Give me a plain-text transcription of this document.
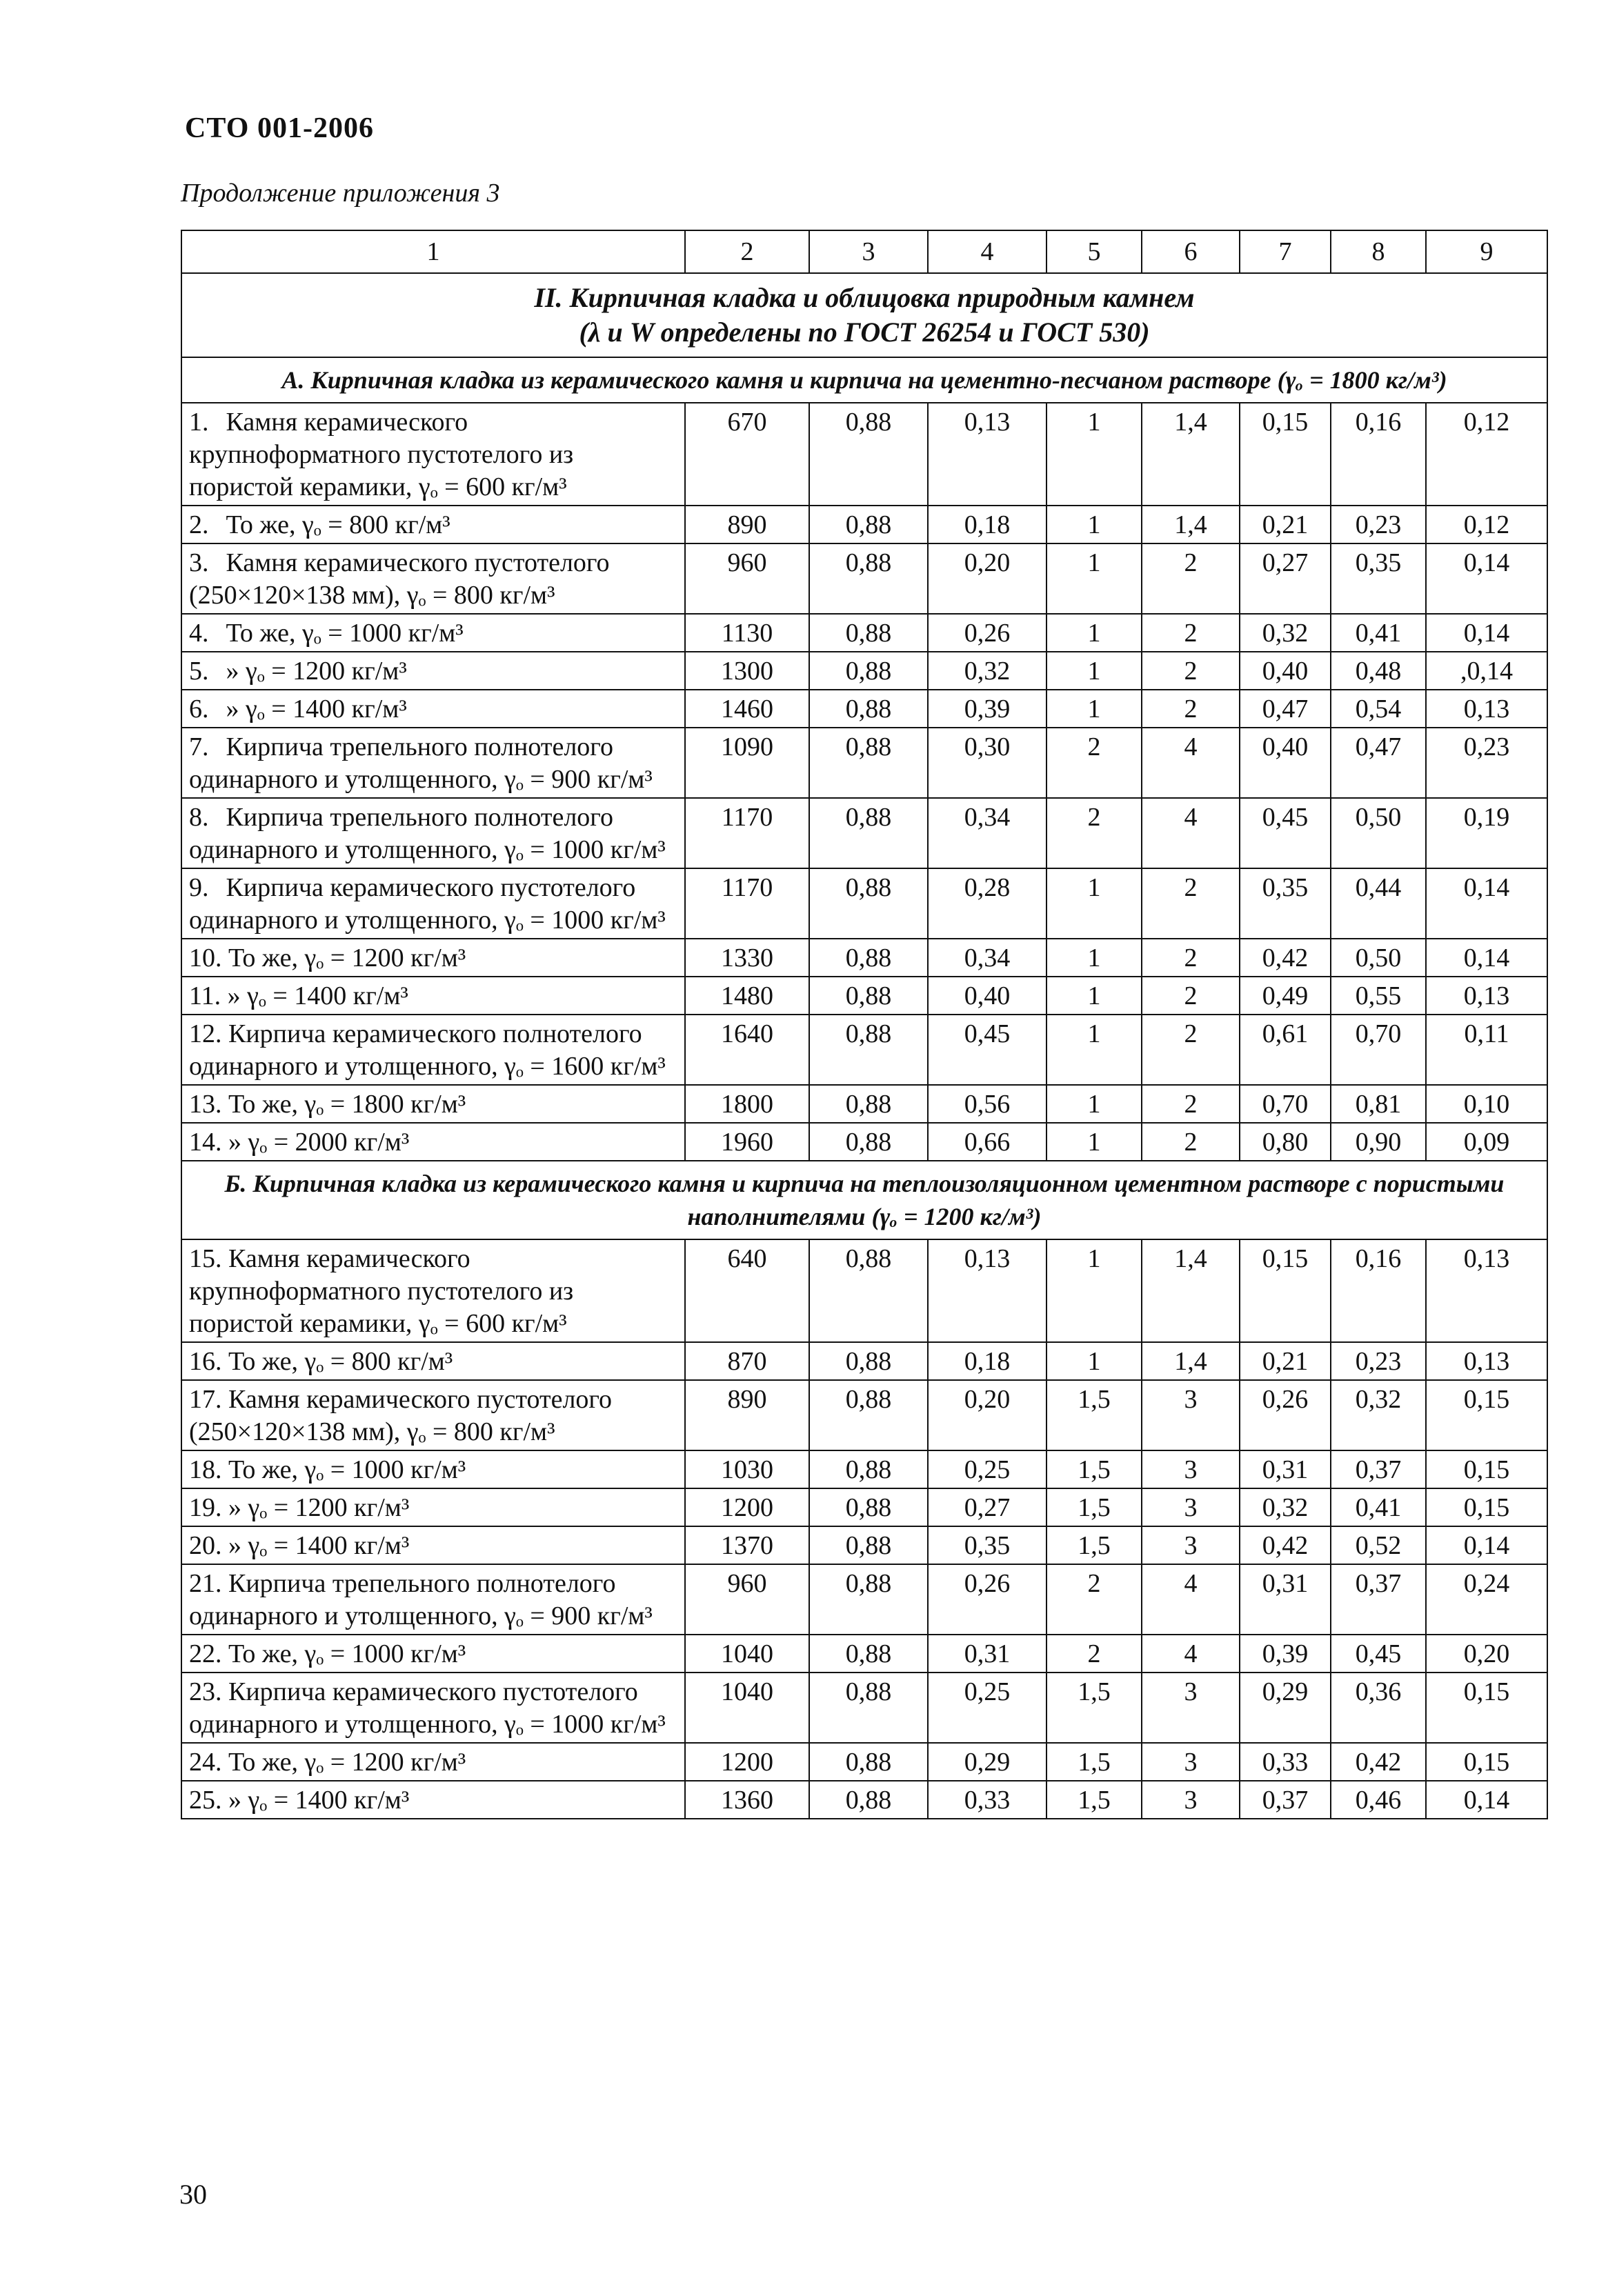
СТО 001-2006
Продолжение приложения 3
1	2	3	4	5	6	7	8	9

II. Кирпичная кладка и облицовка природным камнем
(λ и W определены по ГОСТ 26254 и ГОСТ 530)								

А. Кирпичная кладка из керамического камня и кирпича на цементно-песчаном растворе (γₒ = 1800 кг/м³)								
1. Камня керамического крупноформатного пустотелого из пористой керамики, γₒ = 600 кг/м³	670	0,88	0,13	1	1,4	0,15	0,16	0,12
2. То же, γₒ = 800 кг/м³	890	0,88	0,18	1	1,4	0,21	0,23	0,12
3. Камня керамического пустотелого (250×120×138 мм), γₒ = 800 кг/м³	960	0,88	0,20	1	2	0,27	0,35	0,14
4. То же, γₒ = 1000 кг/м³	1130	0,88	0,26	1	2	0,32	0,41	0,14
5. » γₒ = 1200 кг/м³	1300	0,88	0,32	1	2	0,40	0,48	,0,14
6. » γₒ = 1400 кг/м³	1460	0,88	0,39	1	2	0,47	0,54	0,13
7. Кирпича трепельного полнотелого одинарного и утолщенного, γₒ = 900 кг/м³	1090	0,88	0,30	2	4	0,40	0,47	0,23
8. Кирпича трепельного полнотелого одинарного и утолщенного, γₒ = 1000 кг/м³	1170	0,88	0,34	2	4	0,45	0,50	0,19
9. Кирпича керамического пустотелого одинарного и утолщенного, γₒ = 1000 кг/м³	1170	0,88	0,28	1	2	0,35	0,44	0,14
10. То же, γₒ = 1200 кг/м³	1330	0,88	0,34	1	2	0,42	0,50	0,14
11. » γₒ = 1400 кг/м³	1480	0,88	0,40	1	2	0,49	0,55	0,13
12. Кирпича керамического полнотелого одинарного и утолщенного, γₒ = 1600 кг/м³	1640	0,88	0,45	1	2	0,61	0,70	0,11
13. То же, γₒ = 1800 кг/м³	1800	0,88	0,56	1	2	0,70	0,81	0,10
14. » γₒ = 2000 кг/м³	1960	0,88	0,66	1	2	0,80	0,90	0,09
Б. Кирпичная кладка из керамического камня и кирпича на теплоизоляционном цементном растворе с пористыми наполнителями (γₒ = 1200 кг/м³)								
15. Камня керамического крупноформатного пустотелого из пористой керамики, γₒ = 600 кг/м³	640	0,88	0,13	1	1,4	0,15	0,16	0,13
16. То же, γₒ = 800 кг/м³	870	0,88	0,18	1	1,4	0,21	0,23	0,13
17. Камня керамического пустотелого (250×120×138 мм), γₒ = 800 кг/м³	890	0,88	0,20	1,5	3	0,26	0,32	0,15
18. То же, γₒ = 1000 кг/м³	1030	0,88	0,25	1,5	3	0,31	0,37	0,15
19. » γₒ = 1200 кг/м³	1200	0,88	0,27	1,5	3	0,32	0,41	0,15
20. » γₒ = 1400 кг/м³	1370	0,88	0,35	1,5	3	0,42	0,52	0,14
21. Кирпича трепельного полнотелого одинарного и утолщенного, γₒ = 900 кг/м³	960	0,88	0,26	2	4	0,31	0,37	0,24
22. То же, γₒ = 1000 кг/м³	1040	0,88	0,31	2	4	0,39	0,45	0,20
23. Кирпича керамического пустотелого одинарного и утолщенного, γₒ = 1000 кг/м³	1040	0,88	0,25	1,5	3	0,29	0,36	0,15
24. То же, γₒ = 1200 кг/м³	1200	0,88	0,29	1,5	3	0,33	0,42	0,15
25. » γₒ = 1400 кг/м³	1360	0,88	0,33	1,5	3	0,37	0,46	0,14
30
